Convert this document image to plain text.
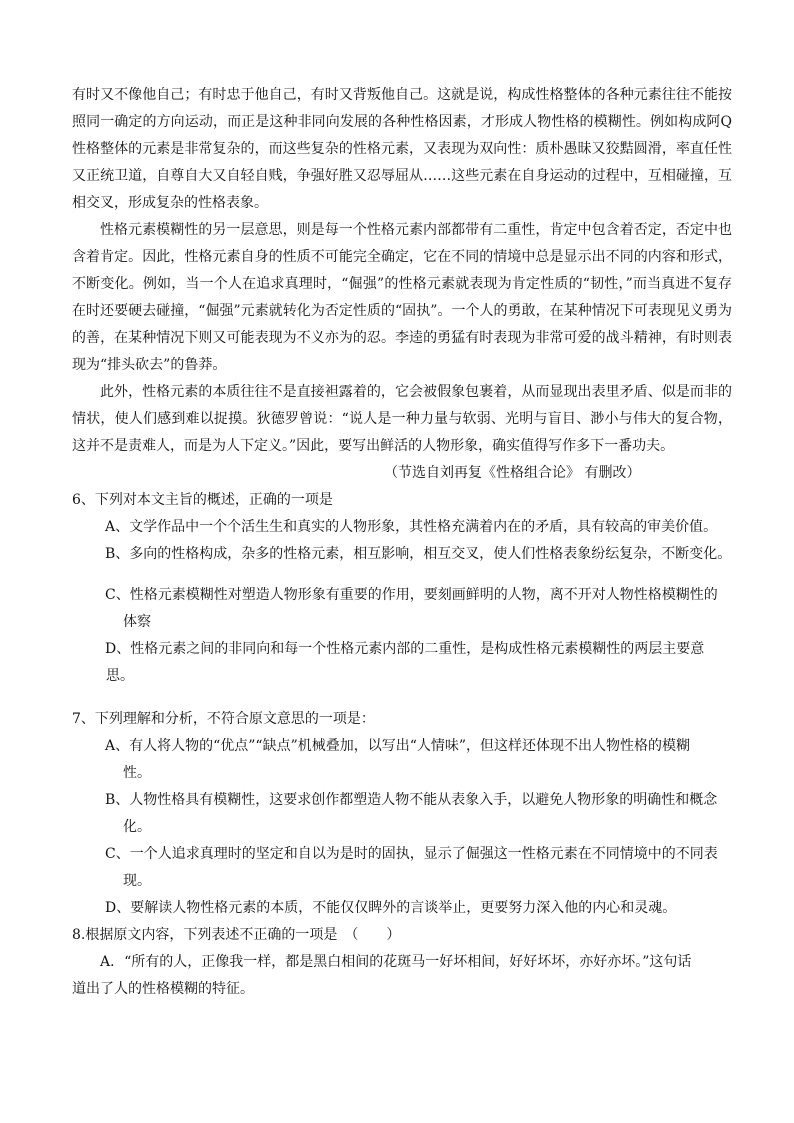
有时又不像他自己；有时忠于他自己，有时又背叛他自己。这就是说，构成性格整体的各种元素往往不能按照同一确定的方向运动，而正是这种非同向发展的各种性格因素，才形成人物性格的模糊性。例如构成阿Q性格整体的元素是非常复杂的，而这些复杂的性格元素，又表现为双向性：质朴愚昧又狡黠圆滑，率直任性又正统卫道，自尊自大又自轻自贱，争强好胜又忍辱屈从……这些元素在自身运动的过程中，互相碰撞，互相交叉，形成复杂的性格表象。

性格元素模糊性的另一层意思，则是每一个性格元素内部都带有二重性，肯定中包含着否定，否定中也含着肯定。因此，性格元素自身的性质不可能完全确定，它在不同的情境中总是显示出不同的内容和形式，不断变化。例如，当一个人在追求真理时，“倔强”的性格元素就表现为肯定性质的“韧性，”而当真进不复存在时还要硬去碰撞，“倔强”元素就转化为否定性质的“固执”。一个人的勇敢，在某种情况下可表现见义勇为的善，在某种情况下则又可能表现为不义亦为的忍。李逵的勇猛有时表现为非常可爱的战斗精神，有时则表现为“排头砍去”的鲁莽。

此外，性格元素的本质往往不是直接袒露着的，它会被假象包裹着，从而显现出表里矛盾、似是而非的情状，使人们感到难以捉摸。狄德罗曾说：“说人是一种力量与软弱、光明与盲目、渺小与伟大的复合物，这并不是责难人，而是为人下定义。”因此，要写出鲜活的人物形象，确实值得写作多下一番功夫。

（节选自刘再复《性格组合论》 有删改）

6、下列对本文主旨的概述，正确的一项是

A、文学作品中一个个活生生和真实的人物形象，其性格充满着内在的矛盾，具有较高的审美价值。

B、多向的性格构成，杂多的性格元素，相互影响，相互交叉，使人们性格表象纷纭复杂，不断变化。

C、性格元素模糊性对塑造人物形象有重要的作用，要刻画鲜明的人物，离不开对人物性格模糊性的
体察

D、性格元素之间的非同向和每一个性格元素内部的二重性，是构成性格元素模糊性的两层主要意思。

7、下列理解和分析，不符合原文意思的一项是：

A、有人将人物的“优点”“缺点”机械叠加，以写出“人情味”，但这样还体现不出人物性格的模糊
性。

B、人物性格具有模糊性，这要求创作都塑造人物不能从表象入手，以避免人物形象的明确性和概念
化。

C、一个人追求真理时的坚定和自以为是时的固执，显示了倔强这一性格元素在不同情境中的不同表
现。

D、要解读人物性格元素的本质，不能仅仅睥外的言谈举止，更要努力深入他的内心和灵魂。

8.根据原文内容，下列表述不正确的一项是　（　　）

A．“所有的人，正像我一样，都是黑白相间的花斑马一好坏相间，好好坏坏，亦好亦坏。”这句话

道出了人的性格模糊的特征。
